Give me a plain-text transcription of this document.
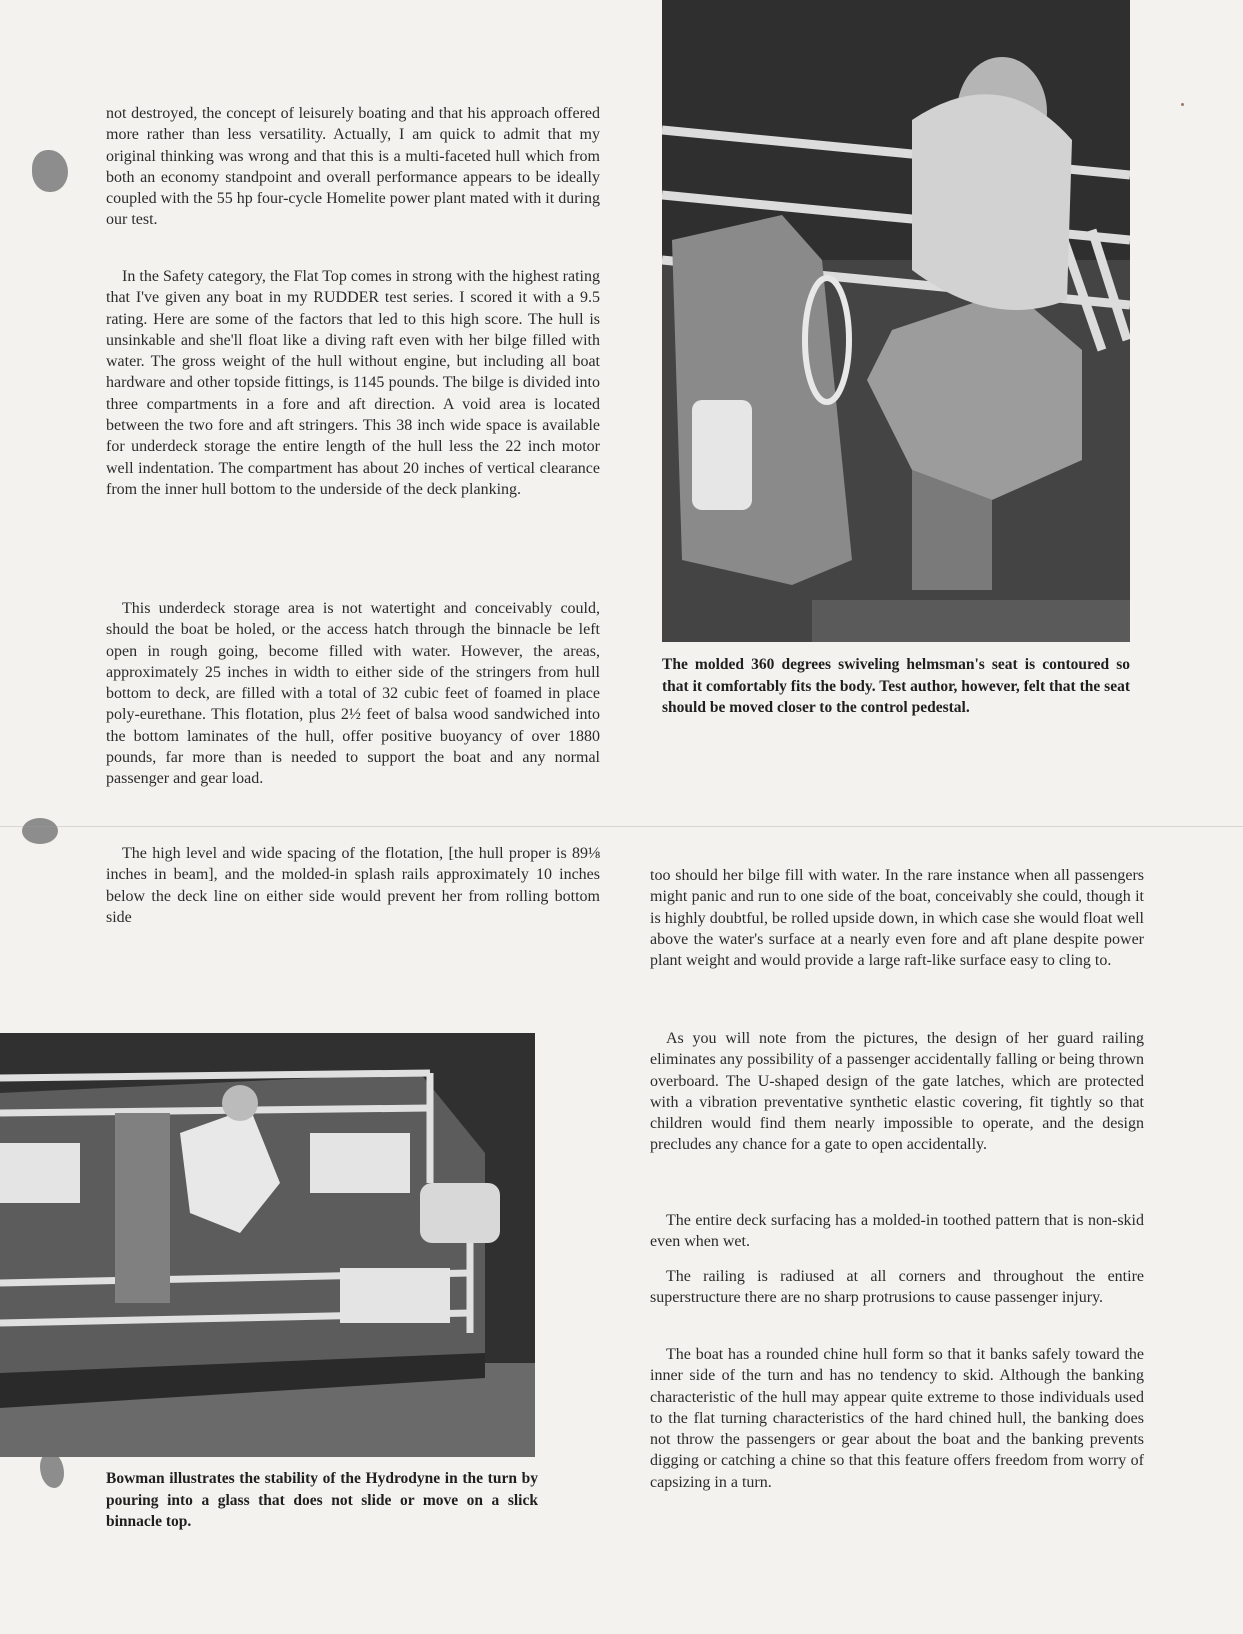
not destroyed, the concept of leisurely boating and that his approach offered more rather than less versatility. Actually, I am quick to admit that my original thinking was wrong and that this is a multi-faceted hull which from both an economy standpoint and overall performance appears to be ideally coupled with the 55 hp four-cycle Homelite power plant mated with it during our test.

In the Safety category, the Flat Top comes in strong with the highest rating that I've given any boat in my RUDDER test series. I scored it with a 9.5 rating. Here are some of the factors that led to this high score. The hull is unsinkable and she'll float like a diving raft even with her bilge filled with water. The gross weight of the hull without engine, but including all boat hardware and other topside fittings, is 1145 pounds. The bilge is divided into three compartments in a fore and aft direction. A void area is located between the two fore and aft stringers. This 38 inch wide space is available for underdeck storage the entire length of the hull less the 22 inch motor well indentation. The compartment has about 20 inches of vertical clearance from the inner hull bottom to the underside of the deck planking.

This underdeck storage area is not watertight and conceivably could, should the boat be holed, or the access hatch through the binnacle be left open in rough going, become filled with water. However, the areas, approximately 25 inches in width to either side of the stringers from hull bottom to deck, are filled with a total of 32 cubic feet of foamed in place poly-eurethane. This flotation, plus 2½ feet of balsa wood sandwiched into the bottom laminates of the hull, offer positive buoyancy of over 1880 pounds, far more than is needed to support the boat and any normal passenger and gear load.

The high level and wide spacing of the flotation, [the hull proper is 89⅛ inches in beam], and the molded-in splash rails approximately 10 inches below the deck line on either side would prevent her from rolling bottom side

The molded 360 degrees swiveling helmsman's seat is contoured so that it comfortably fits the body. Test author, however, felt that the seat should be moved closer to the control pedestal.

too should her bilge fill with water. In the rare instance when all passengers might panic and run to one side of the boat, conceivably she could, though it is highly doubtful, be rolled upside down, in which case she would float well above the water's surface at a nearly even fore and aft plane despite power plant weight and would provide a large raft-like surface easy to cling to.

As you will note from the pictures, the design of her guard railing eliminates any possibility of a passenger accidentally falling or being thrown overboard. The U-shaped design of the gate latches, which are protected with a vibration preventative synthetic elastic covering, fit tightly so that children would find them nearly impossible to operate, and the design precludes any chance for a gate to open accidentally.

The entire deck surfacing has a molded-in toothed pattern that is non-skid even when wet.

The railing is radiused at all corners and throughout the entire superstructure there are no sharp protrusions to cause passenger injury.

The boat has a rounded chine hull form so that it banks safely toward the inner side of the turn and has no tendency to skid. Although the banking characteristic of the hull may appear quite extreme to those individuals used to the flat turning characteristics of the hard chined hull, the banking does not throw the passengers or gear about the boat and the banking prevents digging or catching a chine so that this feature offers freedom from worry of capsizing in a turn.

Bowman illustrates the stability of the Hydrodyne in the turn by pouring into a glass that does not slide or move on a slick binnacle top.
